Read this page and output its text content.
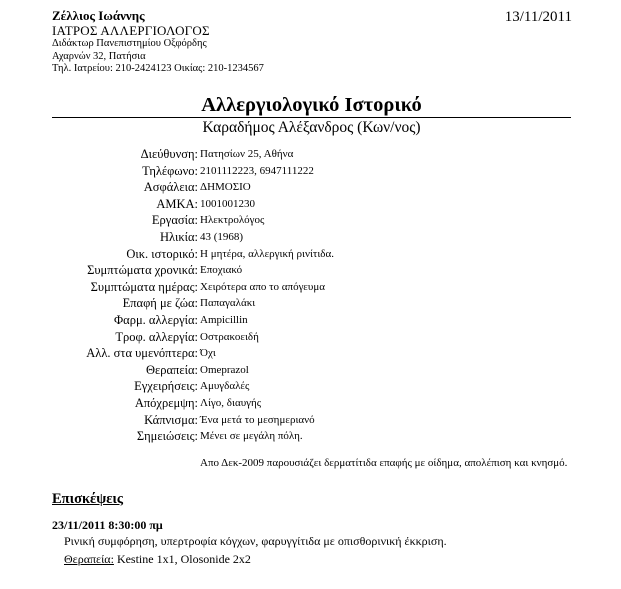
Ζέλλιος Ιωάννης
ΙΑΤΡΟΣ ΑΛΛΕΡΓΙΟΛΟΓΟΣ
Διδάκτωρ Πανεπιστημίου Οξφόρδης
Αχαρνών 32, Πατήσια
Τηλ. Ιατρείου: 210-2424123 Οικίας: 210-1234567
13/11/2011
Αλλεργιολογικό Ιστορικό
Καραδήμος Αλέξανδρος (Κων/νος)
Διεύθυνση: Πατησίων 25, Αθήνα
Τηλέφωνο: 2101112223, 6947111222
Ασφάλεια: ΔΗΜΟΣΙΟ
ΑΜΚΑ: 1001001230
Εργασία: Ηλεκτρολόγος
Ηλικία: 43 (1968)
Οικ. ιστορικό: Η μητέρα, αλλεργική ρινίτιδα.
Συμπτώματα χρονικά: Εποχιακό
Συμπτώματα ημέρας: Χειρότερα απο το απόγευμα
Επαφή με ζώα: Παπαγαλάκι
Φαρμ. αλλεργία: Ampicillin
Τροφ. αλλεργία: Οστρακοειδή
Αλλ. στα υμενόπτερα: Όχι
Θεραπεία: Omeprazol
Εγχειρήσεις: Αμυγδαλές
Απόχρεμψη: Λίγο, διαυγής
Κάπνισμα: Ένα μετά το μεσημεριανό
Σημειώσεις: Μένει σε μεγάλη πόλη.
Απο Δεκ-2009 παρουσιάζει δερματίτιδα επαφής με οίδημα, απολέπιση και κνησμό.
Επισκέψεις
23/11/2011 8:30:00 πμ
Ρινική συμφόρηση, υπερτροφία κόγχων, φαρυγγίτιδα με οπισθορινική έκκριση.
Θεραπεία: Kestine 1x1, Olosonide 2x2
